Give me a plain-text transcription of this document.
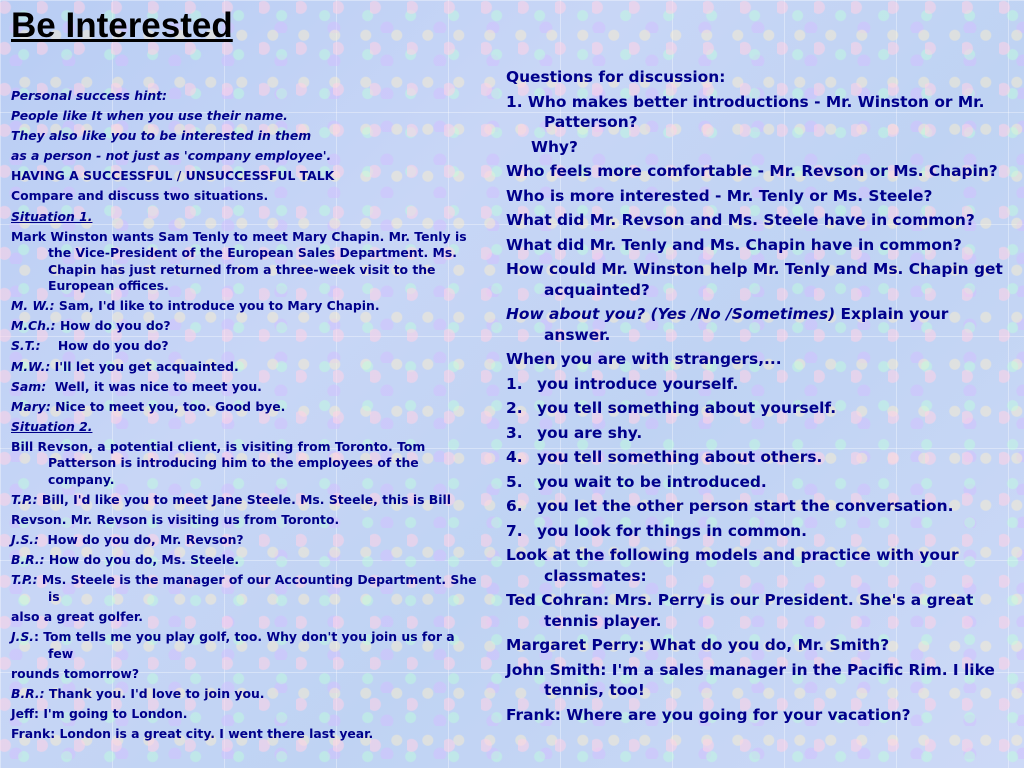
Be Interested

Personal success hint:

People like It when you use their name.

They also like you to be interested in them

as a person - not just as 'company employee'.

HAVING A SUCCESSFUL / UNSUCCESSFUL TALK

Compare and discuss two situations.

Situation 1.

Mark Winston wants Sam Tenly to meet Mary Chapin. Mr. Tenly is the Vice-President of the European Sales Department. Ms. Chapin has just returned from a three-week visit to the European offices.

M. W.: Sam, I'd like to introduce you to Mary Chapin.

M.Ch.: How do you do?

S.T.:    How do you do?

M.W.: I'll let you get acquainted.

Sam:  Well, it was nice to meet you.

Mary: Nice to meet you, too. Good bye.

Situation 2.

Bill Revson, a potential client, is visiting from Toronto. Tom Patterson is introducing him to the employees of the company.

T.P.: Bill, I'd like you to meet Jane Steele. Ms. Steele, this is Bill

Revson. Mr. Revson is visiting us from Toronto.

J.S.:  How do you do, Mr. Revson?

B.R.: How do you do, Ms. Steele.

T.P.: Ms. Steele is the manager of our Accounting Department. She is

also a great golfer.

J.S.: Tom tells me you play golf, too. Why don't you join us for a few

rounds tomorrow?

B.R.: Thank you. I'd love to join you.

Jeff: I'm going to London.

Frank: London is a great city. I went there last year.

Questions for discussion:

1. Who makes better introductions - Mr. Winston or Mr. Patterson?

Why?

Who feels more comfortable - Mr. Revson or Ms. Chapin?

Who is more interested - Mr. Tenly or Ms. Steele?

What did Mr. Revson and Ms. Steele have in common?

What did Mr. Tenly and Ms. Chapin have in common?

How could Mr. Winston help Mr. Tenly and Ms. Chapin get acquainted?

How about you? (Yes /No /Sometimes) Explain your answer.

When you are with strangers,...

1. you introduce yourself.

2. you tell something about yourself.

3. you are shy.

4. you tell something about others.

5. you wait to be introduced.

6. you let the other person start the conversation.

7. you look for things in common.

Look at the following models and practice with your classmates:

Ted Cohran: Mrs. Perry is our President. She's a great tennis player.

Margaret Perry: What do you do, Mr. Smith?

John Smith: I'm a sales manager in the Pacific Rim. I like tennis, too!

Frank: Where are you going for your vacation?
